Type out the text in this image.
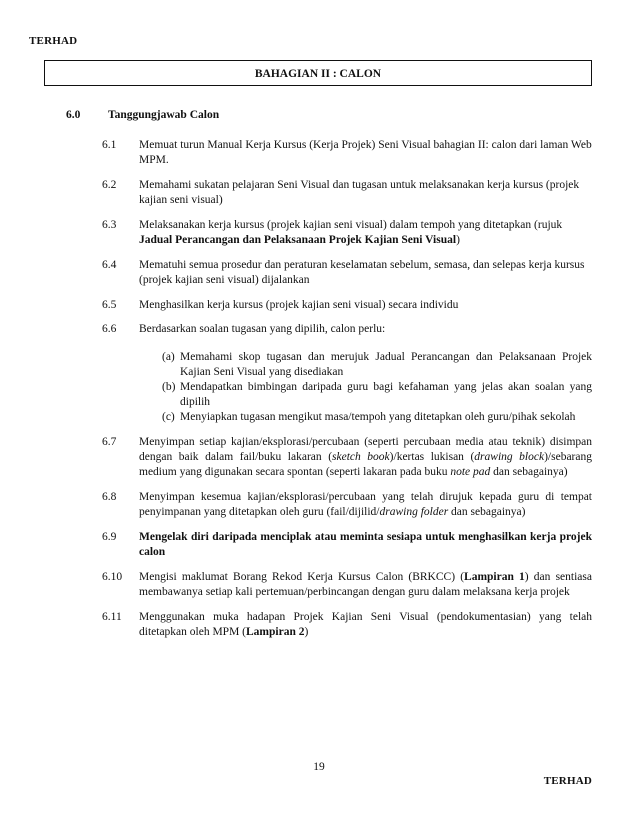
TERHAD
BAHAGIAN II : CALON
6.0 Tanggungjawab Calon
6.1 Memuat turun Manual Kerja Kursus (Kerja Projek) Seni Visual bahagian II: calon dari laman Web MPM.
6.2 Memahami sukatan pelajaran Seni Visual dan tugasan untuk melaksanakan kerja kursus (projek kajian seni visual)
6.3 Melaksanakan kerja kursus (projek kajian seni visual) dalam tempoh yang ditetapkan (rujuk Jadual Perancangan dan Pelaksanaan Projek Kajian Seni Visual)
6.4 Mematuhi semua prosedur dan peraturan keselamatan sebelum, semasa, dan selepas kerja kursus (projek kajian seni visual) dijalankan
6.5 Menghasilkan kerja kursus (projek kajian seni visual) secara individu
6.6 Berdasarkan soalan tugasan yang dipilih, calon perlu:
(a) Memahami skop tugasan dan merujuk Jadual Perancangan dan Pelaksanaan Projek Kajian Seni Visual yang disediakan
(b) Mendapatkan bimbingan daripada guru bagi kefahaman yang jelas akan soalan yang dipilih
(c) Menyiapkan tugasan mengikut masa/tempoh yang ditetapkan oleh guru/pihak sekolah
6.7 Menyimpan setiap kajian/eksplorasi/percubaan (seperti percubaan media atau teknik) disimpan dengan baik dalam fail/buku lakaran (sketch book)/kertas lukisan (drawing block)/sebarang medium yang digunakan secara spontan (seperti lakaran pada buku note pad dan sebagainya)
6.8 Menyimpan kesemua kajian/eksplorasi/percubaan yang telah dirujuk kepada guru di tempat penyimpanan yang ditetapkan oleh guru (fail/dijilid/drawing folder dan sebagainya)
6.9 Mengelak diri daripada menciplak atau meminta sesiapa untuk menghasilkan kerja projek calon
6.10 Mengisi maklumat Borang Rekod Kerja Kursus Calon (BRKCC) (Lampiran 1) dan sentiasa membawanya setiap kali pertemuan/perbincangan dengan guru dalam melaksana kerja projek
6.11 Menggunakan muka hadapan Projek Kajian Seni Visual (pendokumentasian) yang telah ditetapkan oleh MPM (Lampiran 2)
19
TERHAD
